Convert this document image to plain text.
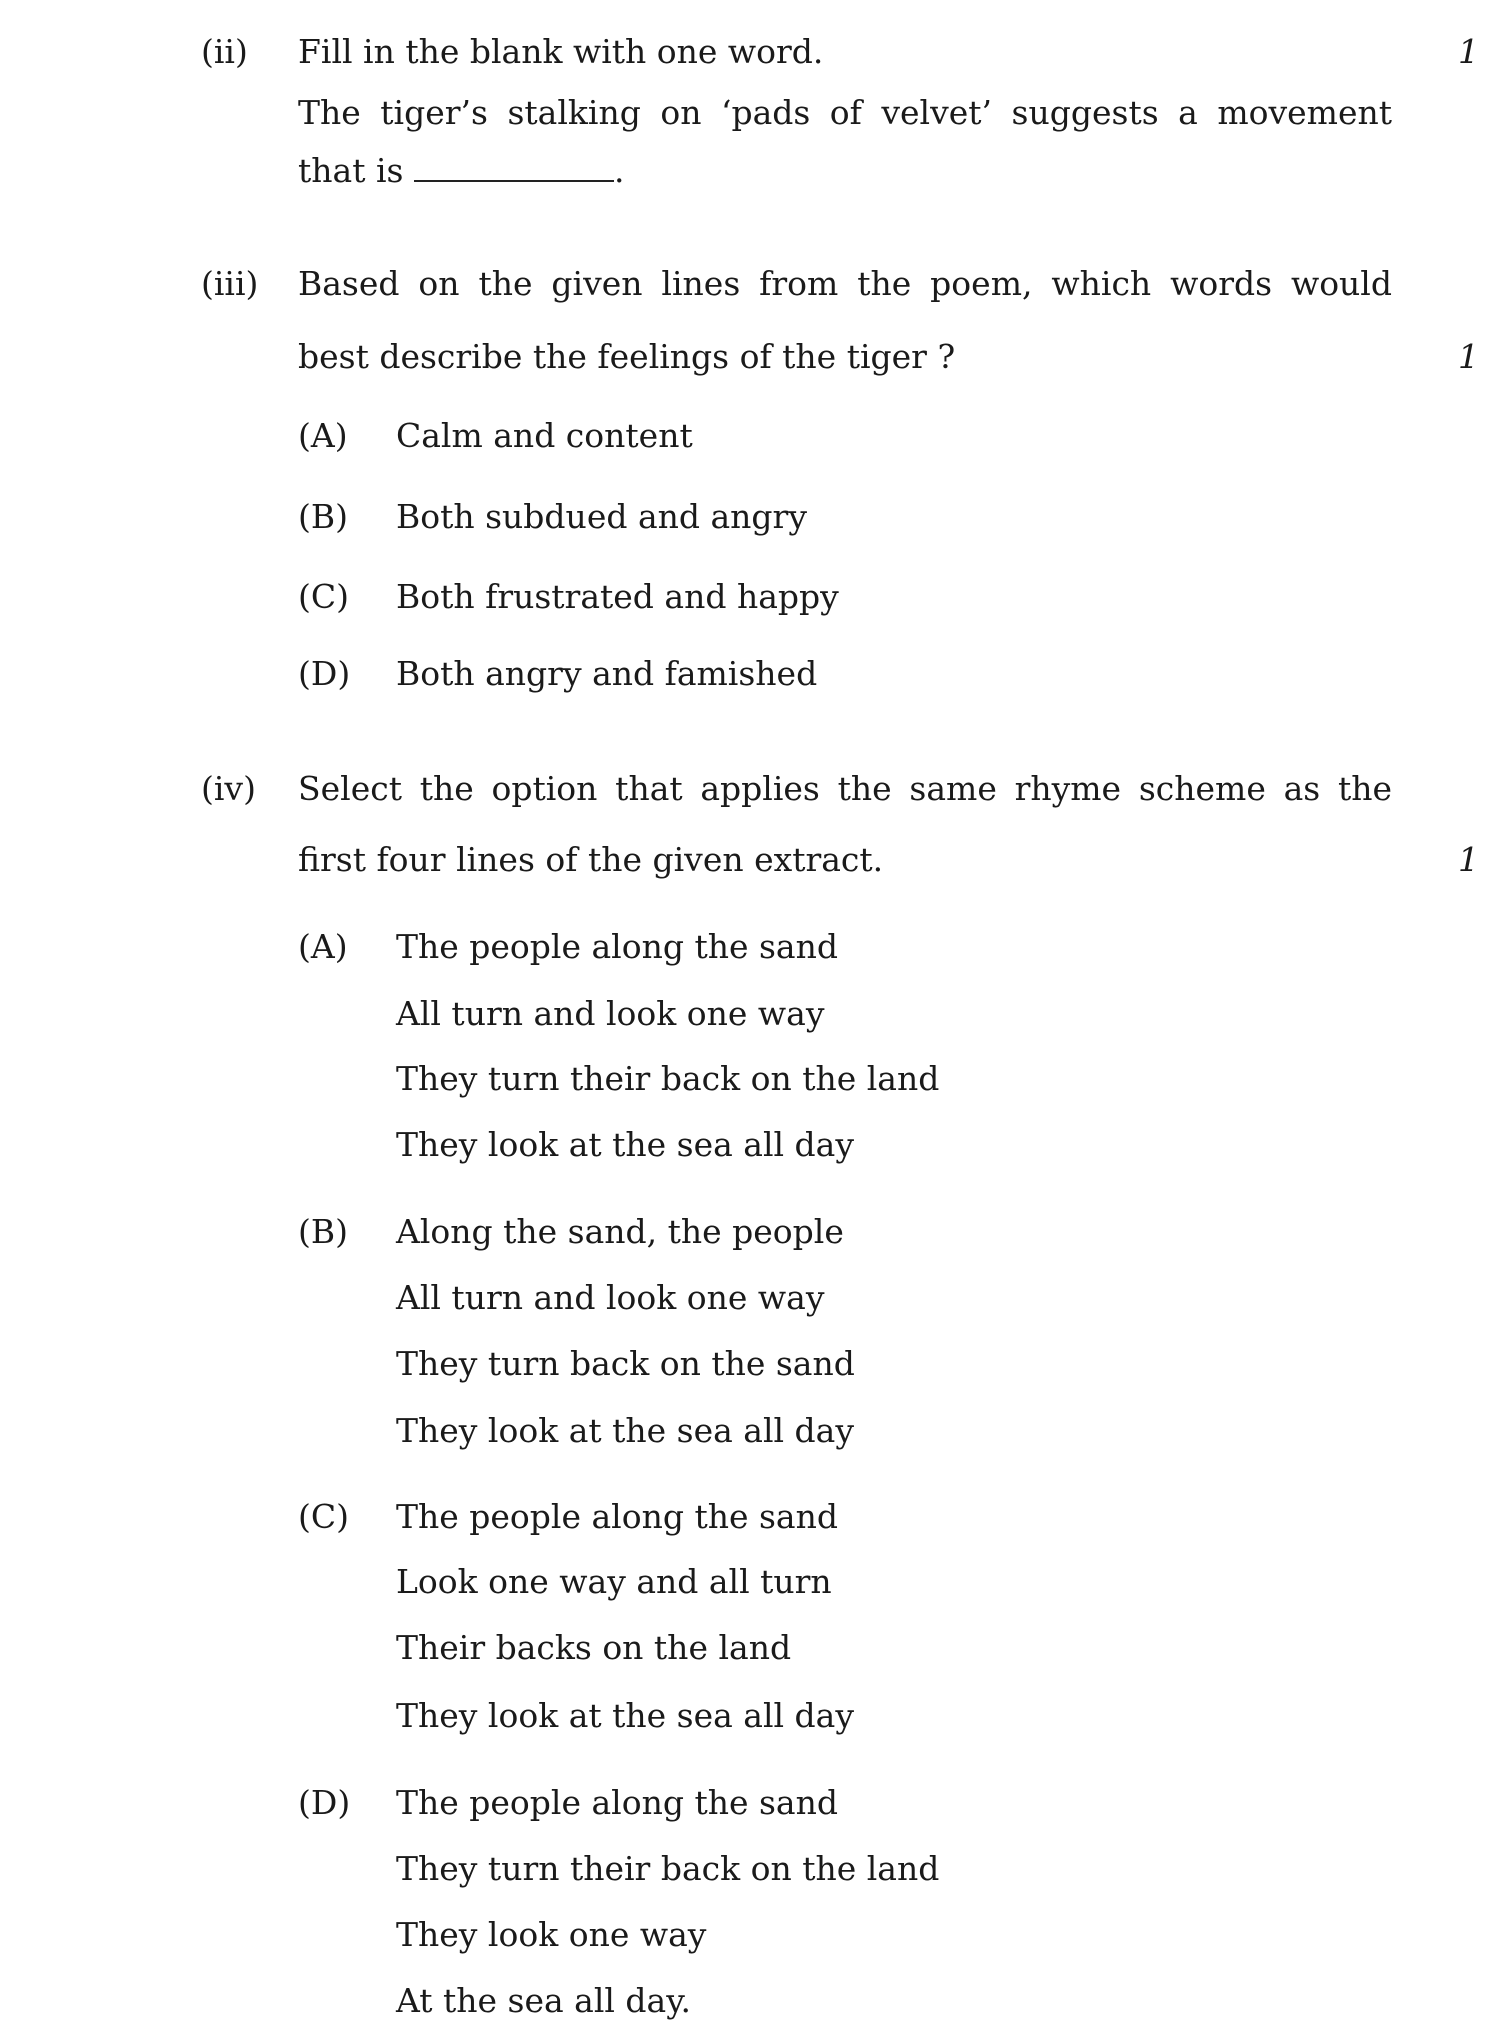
(ii) Fill in the blank with one word.	1
The tiger’s stalking on ‘pads of velvet’ suggests a movement
that is	.
(iii) Based on the given lines from the poem, which words would
best describe the feelings of the tiger ?	1
(A) Calm and content
(B) Both subdued and angry
(C) Both frustrated and happy
(D) Both angry and famished
(iv) Select the option that applies the same rhyme scheme as the
first four lines of the given extract.	1
(A) The people along the sand
All turn and look one way
They turn their back on the land
They look at the sea all day
(B) Along the sand, the people
All turn and look one way
They turn back on the sand
They look at the sea all day
(C) The people along the sand
Look one way and all turn
Their backs on the land
They look at the sea all day
(D) The people along the sand
They turn their back on the land
They look one way
At the sea all day.
